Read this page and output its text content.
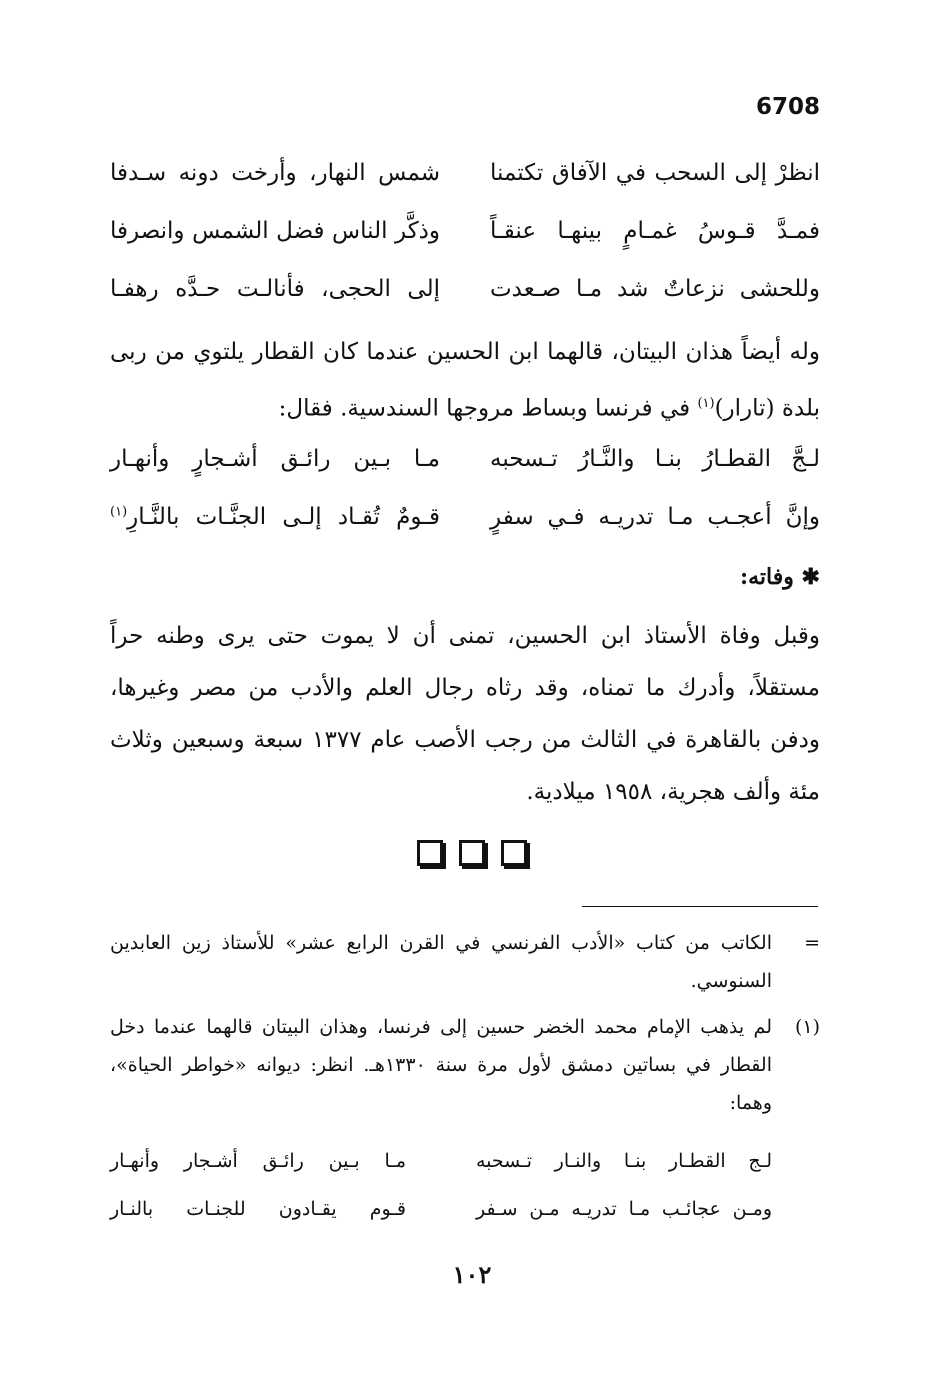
6708
انظرْ إلى السحب في الآفاق تكتمنا
شمس النهار، وأرخت دونه سـدفا
فمـدَّ قـوسُ غمـامٍ بينهـا عنقـاً
وذكَّر الناس فضل الشمس وانصرفا
وللحشى نزعاتٌ شد مـا صـعدت
إلى الحجى، فأنالـت حـدَّه رهفـا

وله أيضاً هذان البيتان، قالهما ابن الحسين عندما كان القطار يلتوي من ربى بلدة (تارار)$^{(١)}$ في فرنسا وبساط مروجها السندسية. فقال:

لـجَّ القطـارُ بنـا والنَّـارُ تـسحبه
مـا بـين رائـق أشـجارٍ وأنهـار
وإنَّ أعجـب مـا تدريـه فـي سفرٍ
قـومٌ تُقـاد إلـى الجنَّـات بالنَّـارِ$^{(١)}$
✱ وفاته:

وقبل وفاة الأستاذ ابن الحسين، تمنى أن لا يموت حتى يرى وطنه حراً مستقلاً، وأدرك ما تمناه، وقد رثاه رجال العلم والأدب من مصر وغيرها، ودفن بالقاهرة في الثالث من رجب الأصب عام ١٣٧٧ سبعة وسبعين وثلاث مئة وألف هجرية، ١٩٥٨ ميلادية.

=
الكاتب من كتاب «الأدب الفرنسي في القرن الرابع عشر» للأستاذ زين العابدين السنوسي.
(١)
لم يذهب الإمام محمد الخضر حسين إلى فرنسا، وهذان البيتان قالهما عندما دخل القطار في بساتين دمشق لأول مرة سنة ١٣٣٠هـ. انظر: ديوانه «خواطر الحياة»، وهما:
لـج القطـار بنـا والنـار تـسحبه
مـا بـين رائـق أشـجار وأنهـار
ومـن عجائـب مـا تدريـه مـن سـفر
قـوم يقـادون للجنـات بالنـار
١٠٢
